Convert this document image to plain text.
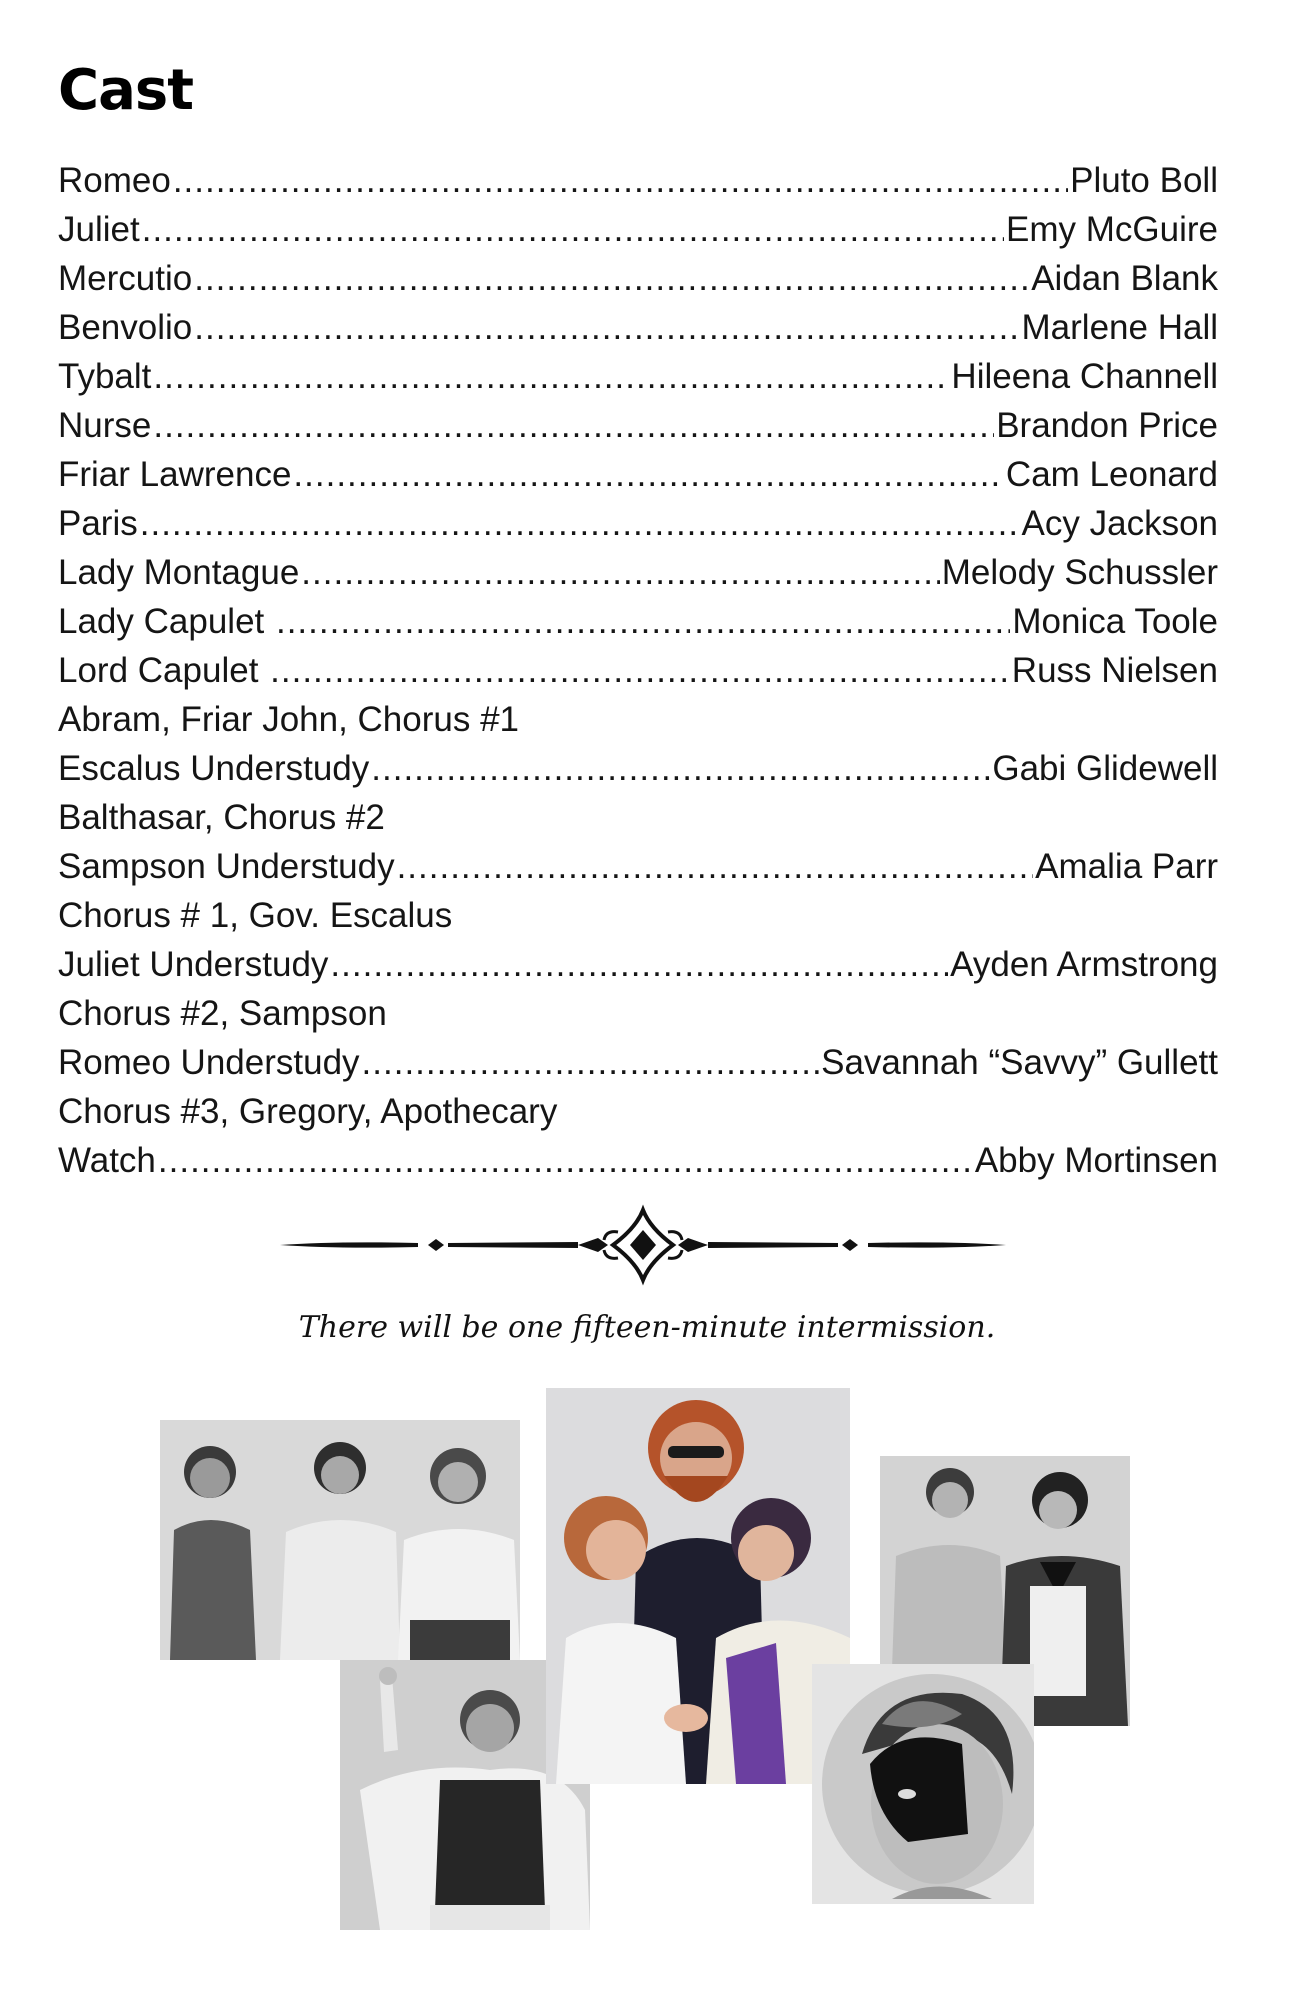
Cast
Romeo .....	Pluto Boll
Juliet .....	Emy McGuire
Mercutio .....	Aidan Blank
Benvolio .....	Marlene Hall
Tybalt .....	Hileena Channell
Nurse .....	Brandon Price
Friar Lawrence .....	Cam Leonard
Paris .....	Acy Jackson
Lady Montague .....	Melody Schussler
Lady Capulet .....	Monica Toole
Lord Capulet .....	Russ Nielsen
Abram, Friar John, Chorus #1
Escalus Understudy .....	Gabi Glidewell
Balthasar, Chorus #2
Sampson Understudy .....	Amalia Parr
Chorus # 1, Gov. Escalus
Juliet Understudy .....	Ayden Armstrong
Chorus #2, Sampson
Romeo Understudy .....	Savannah “Savvy” Gullett
Chorus #3, Gregory, Apothecary
Watch .....	Abby Mortinsen
There will be one fifteen-minute intermission.
